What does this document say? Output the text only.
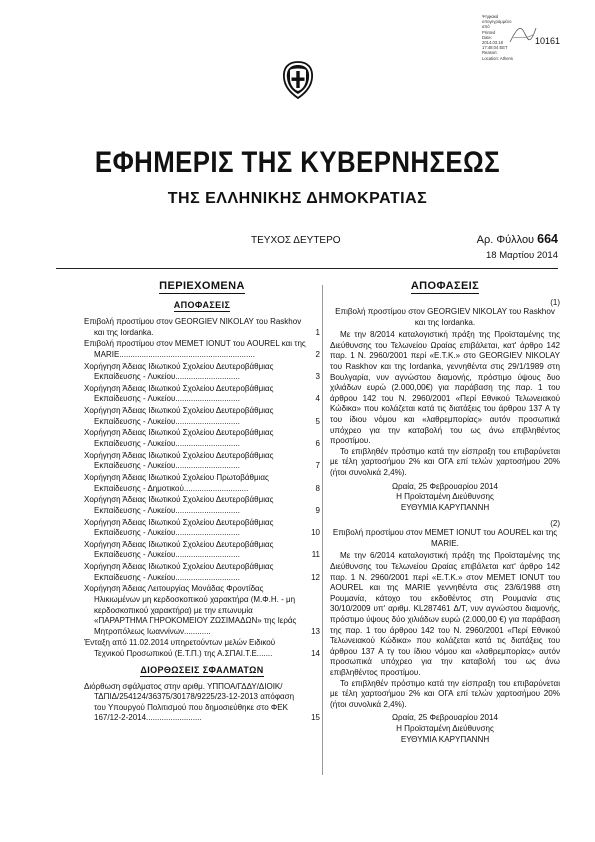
Ψηφιακά
υπογεγραμμένο
από
Printed
Date:
2014.03.18
17:48:04 EET
Reason:
Location: Athens
10161
ΕΦΗΜΕΡΙΣ ΤΗΣ ΚΥΒΕΡΝΗΣΕΩΣ
ΤΗΣ ΕΛΛΗΝΙΚΗΣ ΔΗΜΟΚΡΑΤΙΑΣ
ΤΕΥΧΟΣ ΔΕΥΤΕΡΟ	Αρ. Φύλλου 664
18 Μαρτίου 2014
ΠΕΡΙΕΧΟΜΕΝΑ
ΑΠΟΦΑΣΕΙΣ
Επιβολή προστίμου στον GEORGIEV NIKOLAY του Raskhov και της Iordanka.	1
Επιβολή προστίμου στον MEMET IONUT του AOUREL και της MARIE.............................................................	2
Χορήγηση Άδειας Ιδιωτικού Σχολείου Δευτεροβάθμιας Εκπαίδευσης - Λυκείου.............................	3
Χορήγηση Άδειας Ιδιωτικού Σχολείου Δευτεροβάθμιας Εκπαίδευσης - Λυκείου.............................	4
Χορήγηση Άδειας Ιδιωτικού Σχολείου Δευτεροβάθμιας Εκπαίδευσης - Λυκείου.............................	5
Χορήγηση Άδειας Ιδιωτικού Σχολείου Δευτεροβάθμιας Εκπαίδευσης - Λυκείου.............................	6
Χορήγηση Άδειας Ιδιωτικού Σχολείου Δευτεροβάθμιας Εκπαίδευσης - Λυκείου.............................	7
Χορήγηση Άδειας Ιδιωτικού Σχολείου Πρωτοβάθμιας Εκπαίδευσης - Δημοτικού.............................	8
Χορήγηση Άδειας Ιδιωτικού Σχολείου Δευτεροβάθμιας Εκπαίδευσης - Λυκείου.............................	9
Χορήγηση Άδειας Ιδιωτικού Σχολείου Δευτεροβάθμιας Εκπαίδευσης - Λυκείου.............................	10
Χορήγηση Άδειας Ιδιωτικού Σχολείου Δευτεροβάθμιας Εκπαίδευσης - Λυκείου.............................	11
Χορήγηση Άδειας Ιδιωτικού Σχολείου Δευτεροβάθμιας Εκπαίδευσης - Λυκείου.............................	12
Χορήγηση Άδειας Λειτουργίας Μονάδας Φροντίδας Ηλικιωμένων μη κερδοσκοπικού χαρακτήρα (Μ.Φ.Η. - μη κερδοσκοπικού χαρακτήρα) με την επωνυμία «ΠΑΡΑΡΤΗΜΑ ΓΗΡΟΚΟΜΕΙΟΥ ΖΩΣΙΜΑΔΩΝ» της Ιεράς Μητροπόλεως Ιωαννίνων............	13
Ένταξη από 11.02.2014 υπηρετούντων μελών Ειδικού Τεχνικού Προσωπικού (Ε.Τ.Π.) της Α.ΣΠΑΙ.Τ.Ε.......	14
ΔΙΟΡΘΩΣΕΙΣ ΣΦΑΛΜΑΤΩΝ
Διόρθωση σφάλματος στην αριθμ. ΥΠΠΟΑ/ΓΔΔΥ/ΔΙΟΙΚ/ΤΔΠΙΔ/254124/36375/30178/9225/23-12-2013 απόφαση του Υπουργού Πολιτισμού που δημοσιεύθηκε στο ΦΕΚ 167/12-2-2014.........................	15
ΑΠΟΦΑΣΕΙΣ
(1)
Επιβολή προστίμου στον GEORGIEV NIKOLAY του Raskhov και της Iordanka.
Με την 8/2014 καταλογιστική πράξη της Προϊσταμένης της Διεύθυνσης του Τελωνείου Ωραίας επιβάλεται, κατ' άρθρο 142 παρ. 1 Ν. 2960/2001 περί «Ε.Τ.Κ.» στο GEORGIEV NIKOLAY του Raskhov και της Iordanka, γεννηθέντα στις 29/1/1989 στη Βουλγαρία, νυν αγνώστου διαμονής, πρόστιμο ύψους δυο χιλιάδων ευρώ (2.000,00€) για παράβαση της παρ. 1 του άρθρου 142 του Ν. 2960/2001 «Περί Εθνικού Τελωνειακού Κώδικα» που κολάζεται κατά τις διατάξεις του άρθρου 137 Α τγ του ίδιου νόμου και «λαθρεμπορίας» αυτόν προσωπικά υπόχρεο για την καταβολή του ως άνω επιβληθέντος προστίμου.
Το επιβληθέν πρόστιμο κατά την είσπραξη του επιβαρύνεται με τέλη χαρτοσήμου 2% και ΟΓΑ επί τελών χαρτοσήμου 20% (ήτοι συνολικά 2,4%).
Ωραία, 25 Φεβρουαρίου 2014
Η Προϊσταμένη Διεύθυνσης
ΕΥΘΥΜΙΑ ΚΑΡΥΠΑΝΝΗ
(2)
Επιβολή προστίμου στον MEMET IONUT του AOUREL και της MARIE.
Με την 6/2014 καταλογιστική πράξη της Προϊσταμένης της Διεύθυνσης του Τελωνείου Ωραίας επιβάλεται κατ' άρθρο 142 παρ. 1 Ν. 2960/2001 περί «Ε.Τ.Κ.» στον MEMET IONUT του AOUREL και της MARIE γεννηθέντα στις 23/6/1988 στη Ρουμανία, κάτοχο του εκδοθέντος στη Ρουμανία στις 30/10/2009 υπ' αριθμ. KL287461 Δ/Τ, νυν αγνώστου διαμονής, πρόστιμο ύψους δύο χιλιάδων ευρώ (2.000,00 €) για παράβαση της παρ. 1 του άρθρου 142 του Ν. 2960/2001 «Περί Εθνικού Τελωνειακού Κώδικα» που κολάζεται κατά τις διατάξεις του άρθρου 137 Α τγ του ίδιου νόμου και «λαθρεμπορίας» αυτόν προσωπικά υπόχρεο για την καταβολή του ως άνω επιβληθέντος προστίμου.
Το επιβληθέν πρόστιμο κατά την είσπραξη του επιβαρύνεται με τέλη χαρτοσήμου 2% και ΟΓΑ επί τελών χαρτοσήμου 20% (ήτοι συνολικά 2,4%).
Ωραία, 25 Φεβρουαρίου 2014
Η Προϊσταμένη Διεύθυνσης
ΕΥΘΥΜΙΑ ΚΑΡΥΠΑΝΝΗ
